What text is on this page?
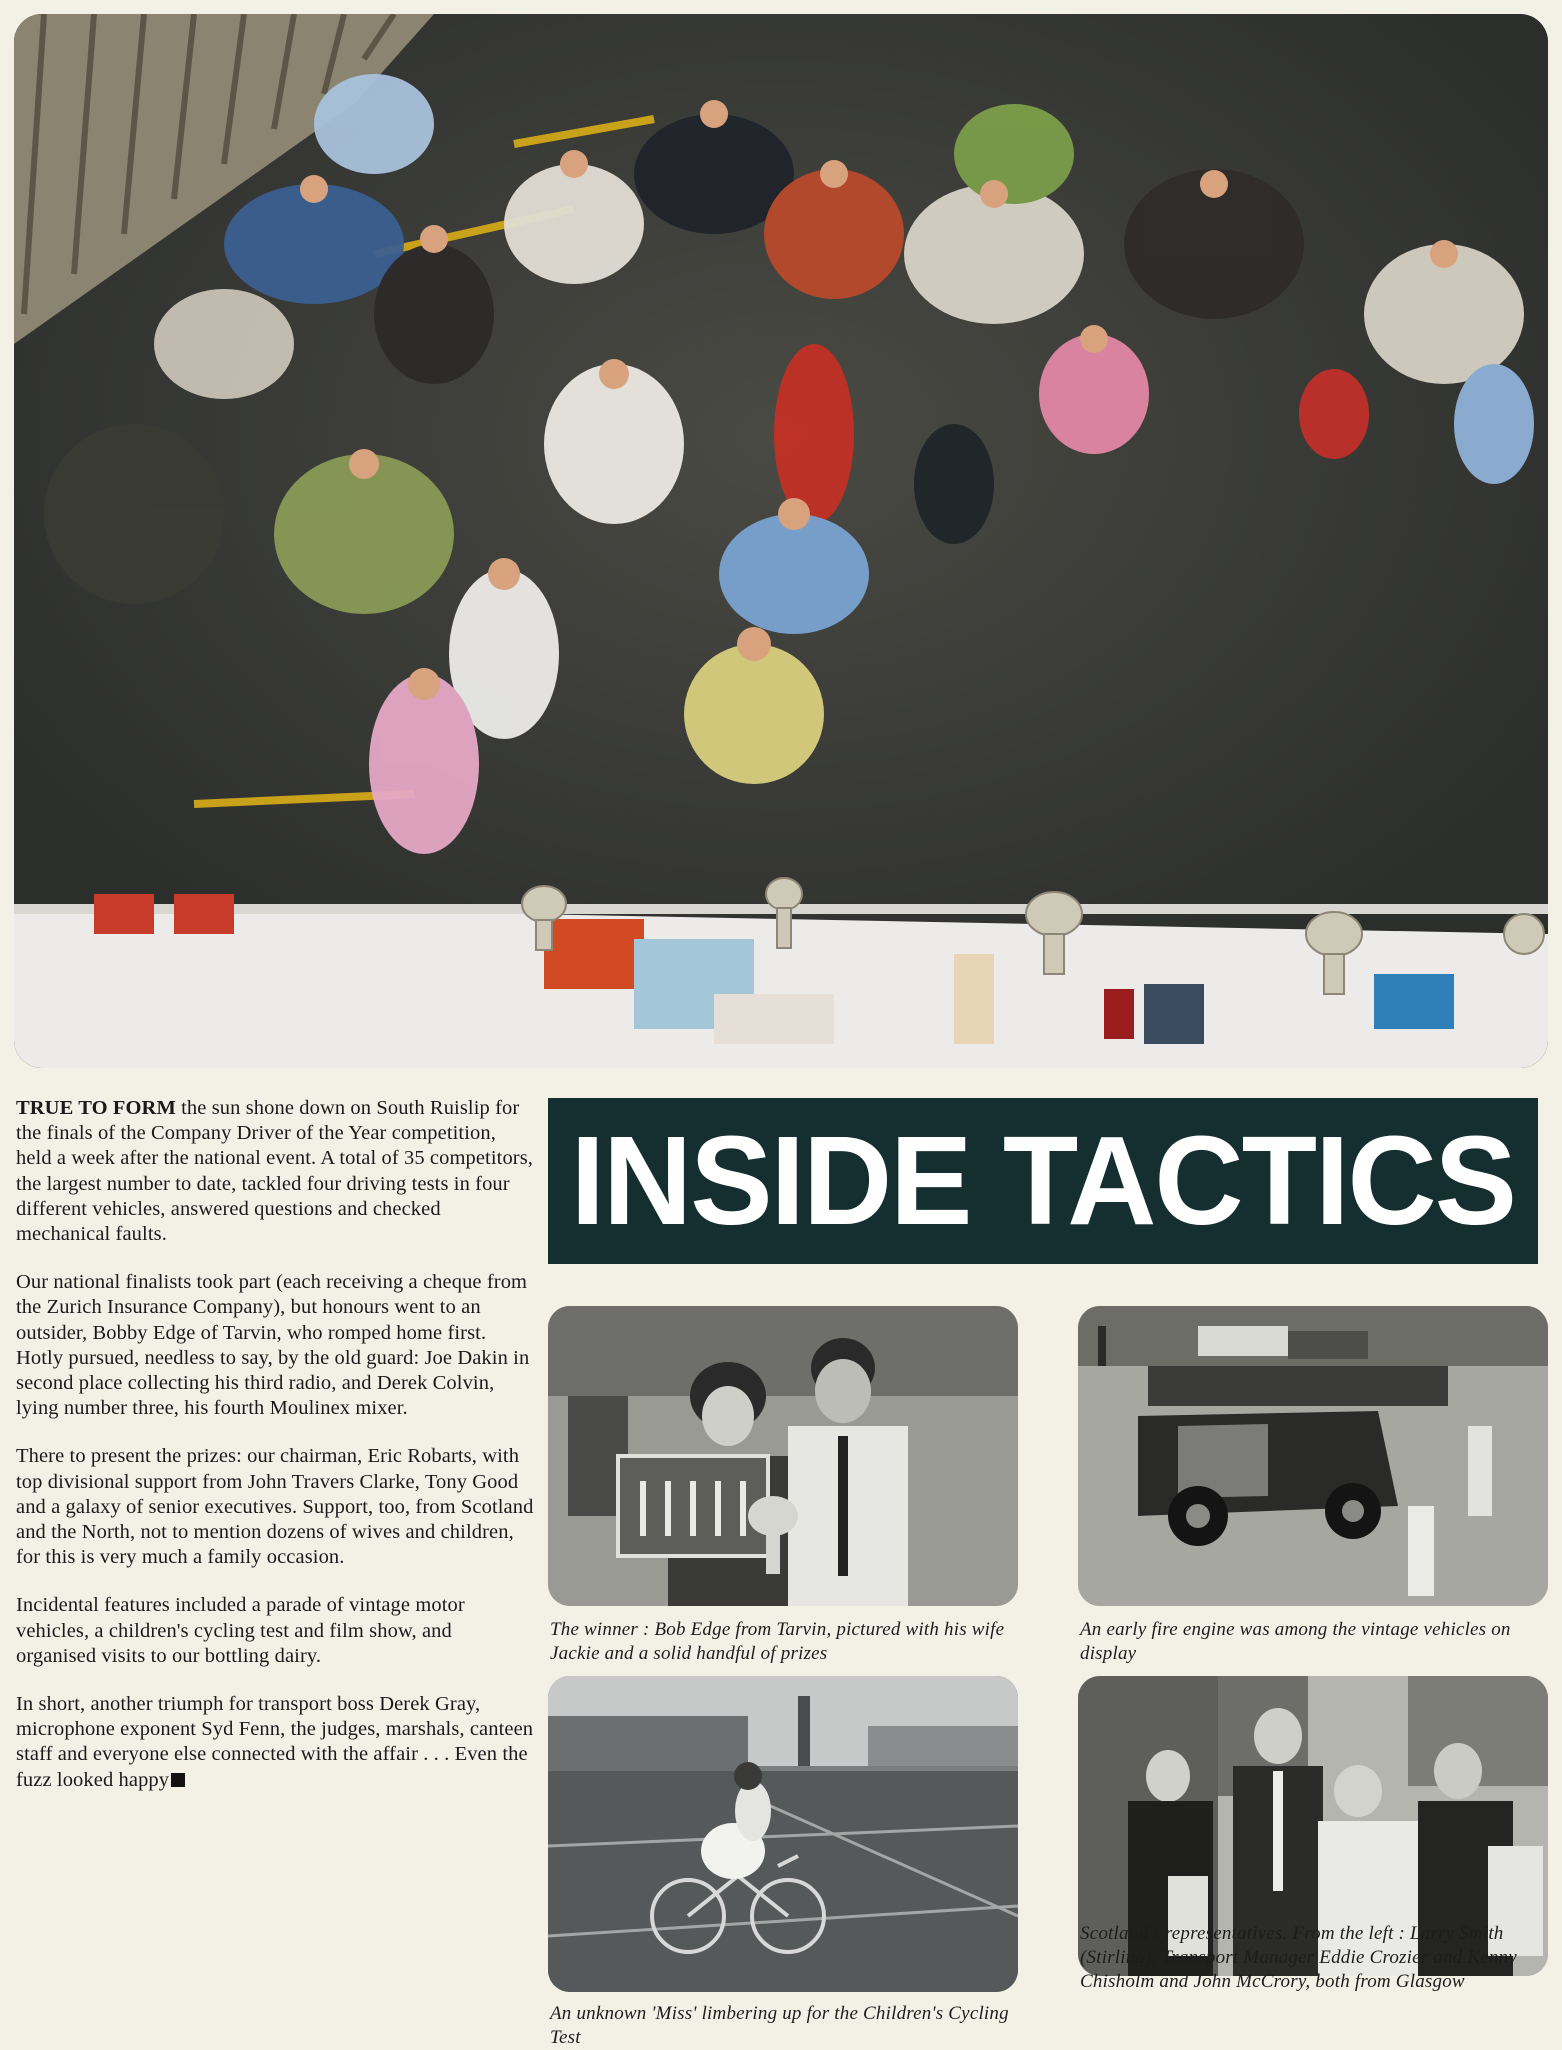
TRUE TO FORM the sun shone down on South Ruislip for the finals of the Company Driver of the Year competition, held a week after the national event. A total of 35 competitors, the largest number to date, tackled four driving tests in four different vehicles, answered questions and checked mechanical faults.

Our national finalists took part (each receiving a cheque from the Zurich Insurance Company), but honours went to an outsider, Bobby Edge of Tarvin, who romped home first. Hotly pursued, needless to say, by the old guard: Joe Dakin in second place collecting his third radio, and Derek Colvin, lying number three, his fourth Moulinex mixer.

There to present the prizes: our chairman, Eric Robarts, with top divisional support from John Travers Clarke, Tony Good and a galaxy of senior executives. Support, too, from Scotland and the North, not to mention dozens of wives and children, for this is very much a family occasion.

Incidental features included a parade of vintage motor vehicles, a children's cycling test and film show, and organised visits to our bottling dairy.

In short, another triumph for transport boss Derek Gray, microphone exponent Syd Fenn, the judges, marshals, canteen staff and everyone else connected with the affair . . . Even the fuzz looked happy

INSIDE TACTICS
The winner : Bob Edge from Tarvin, pictured with his wife Jackie and a solid handful of prizes
An early fire engine was among the vintage vehicles on display
An unknown 'Miss' limbering up for the Children's Cycling Test
Scotland's representatives. From the left : Larry Smith (Stirling), Transport Manager Eddie Crozier and Kenny Chisholm and John McCrory, both from Glasgow
